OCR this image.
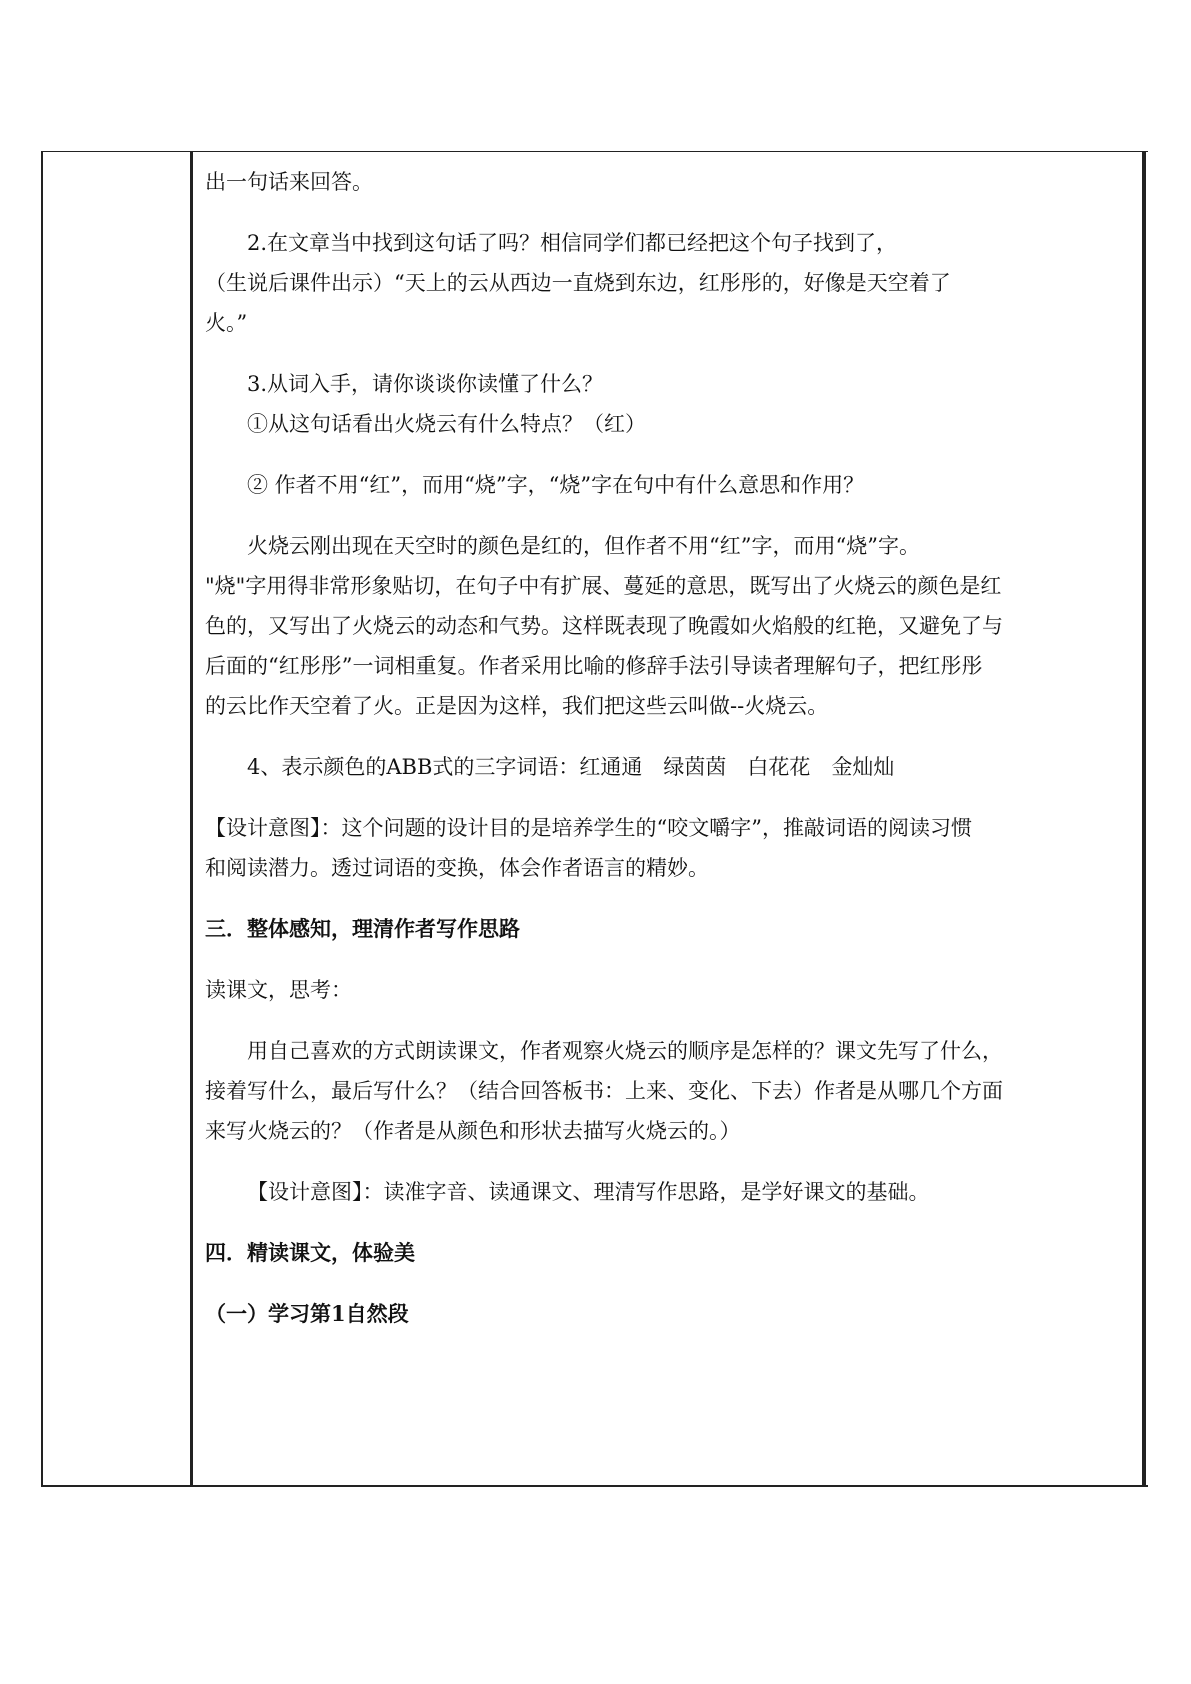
出一句话来回答。
2.在文章当中找到这句话了吗？相信同学们都已经把这个句子找到了，
（生说后课件出示）“天上的云从西边一直烧到东边，红彤彤的，好像是天空着了
火。”
3.从词入手，请你谈谈你读懂了什么？
①从这句话看出火烧云有什么特点？（红）
② 作者不用“红”，而用“烧”字，“烧”字在句中有什么意思和作用？
火烧云刚出现在天空时的颜色是红的，但作者不用“红”字，而用“烧”字。
"烧"字用得非常形象贴切，在句子中有扩展、蔓延的意思，既写出了火烧云的颜色是红
色的，又写出了火烧云的动态和气势。这样既表现了晚霞如火焰般的红艳，又避免了与
后面的“红彤彤”一词相重复。作者采用比喻的修辞手法引导读者理解句子，把红彤彤
的云比作天空着了火。正是因为这样，我们把这些云叫做--火烧云。
4、表示颜色的ABB式的三字词语：红通通　绿茵茵　白花花　金灿灿
【设计意图】：这个问题的设计目的是培养学生的“咬文嚼字”，推敲词语的阅读习惯
和阅读潜力。透过词语的变换，体会作者语言的精妙。
三．整体感知，理清作者写作思路
读课文，思考：
用自己喜欢的方式朗读课文，作者观察火烧云的顺序是怎样的？课文先写了什么，
接着写什么，最后写什么？（结合回答板书：上来、变化、下去）作者是从哪几个方面
来写火烧云的？（作者是从颜色和形状去描写火烧云的。）
【设计意图】：读准字音、读通课文、理清写作思路，是学好课文的基础。
四．精读课文，体验美
（一）学习第1自然段
